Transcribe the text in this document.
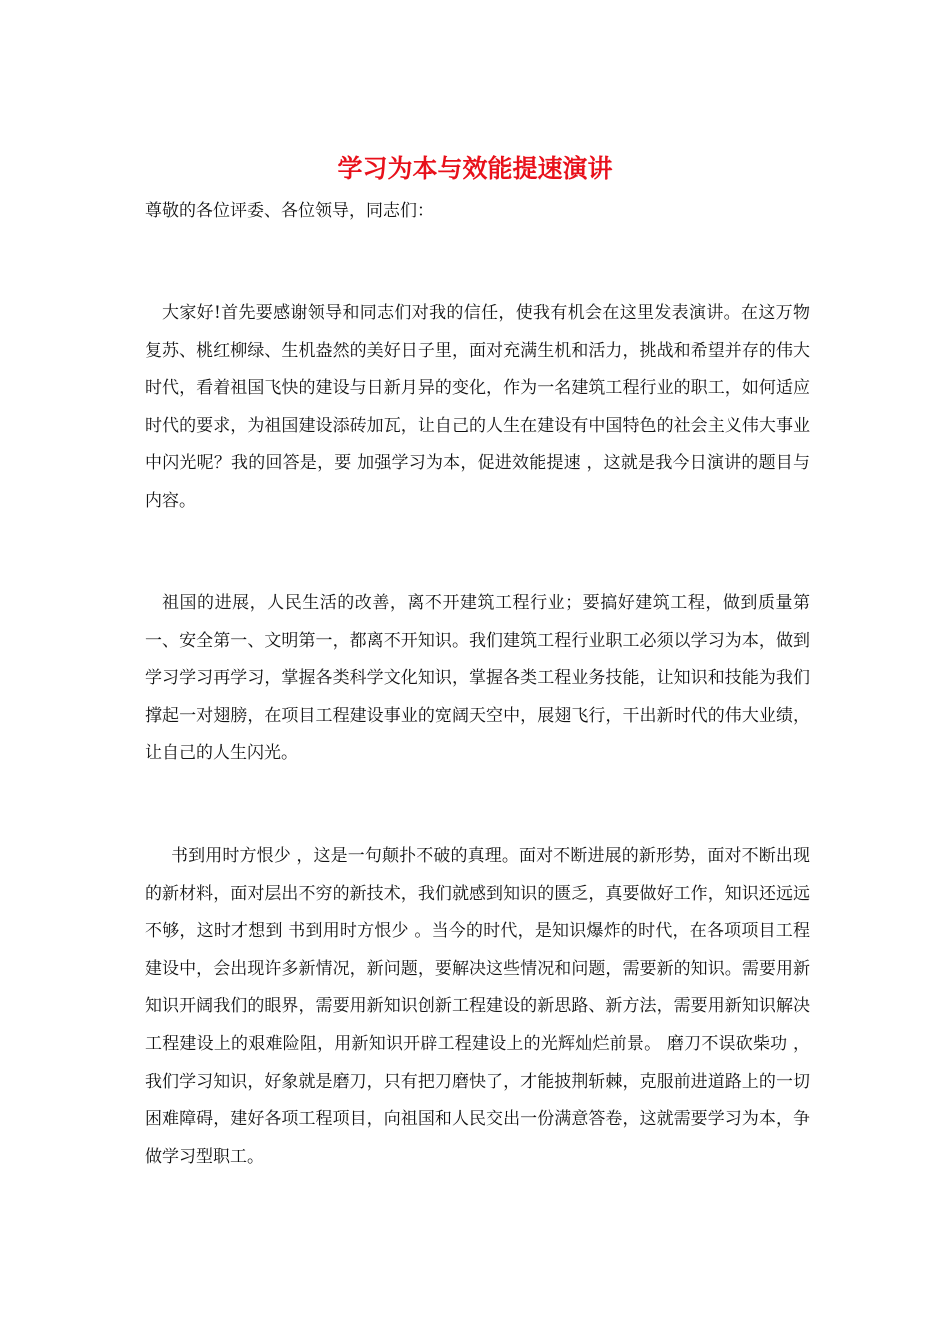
学习为本与效能提速演讲

尊敬的各位评委、各位领导，同志们：

大家好!首先要感谢领导和同志们对我的信任，使我有机会在这里发表演讲。在这万物复苏、桃红柳绿、生机盎然的美好日子里，面对充满生机和活力，挑战和希望并存的伟大时代，看着祖国飞快的建设与日新月异的变化，作为一名建筑工程行业的职工，如何适应时代的要求，为祖国建设添砖加瓦，让自己的人生在建设有中国特色的社会主义伟大事业中闪光呢？我的回答是，要 加强学习为本，促进效能提速 ，这就是我今日演讲的题目与内容。

祖国的进展，人民生活的改善，离不开建筑工程行业；要搞好建筑工程，做到质量第一、安全第一、文明第一，都离不开知识。我们建筑工程行业职工必须以学习为本，做到学习学习再学习，掌握各类科学文化知识，掌握各类工程业务技能，让知识和技能为我们撑起一对翅膀，在项目工程建设事业的宽阔天空中，展翅飞行，干出新时代的伟大业绩，让自己的人生闪光。

书到用时方恨少 ，这是一句颠扑不破的真理。面对不断进展的新形势，面对不断出现的新材料，面对层出不穷的新技术，我们就感到知识的匮乏，真要做好工作，知识还远远不够，这时才想到 书到用时方恨少 。当今的时代，是知识爆炸的时代，在各项项目工程建设中，会出现许多新情况，新问题，要解决这些情况和问题，需要新的知识。需要用新知识开阔我们的眼界，需要用新知识创新工程建设的新思路、新方法，需要用新知识解决工程建设上的艰难险阻，用新知识开辟工程建设上的光辉灿烂前景。 磨刀不误砍柴功 ，我们学习知识，好象就是磨刀，只有把刀磨快了，才能披荆斩棘，克服前进道路上的一切困难障碍，建好各项工程项目，向祖国和人民交出一份满意答卷，这就需要学习为本，争做学习型职工。
